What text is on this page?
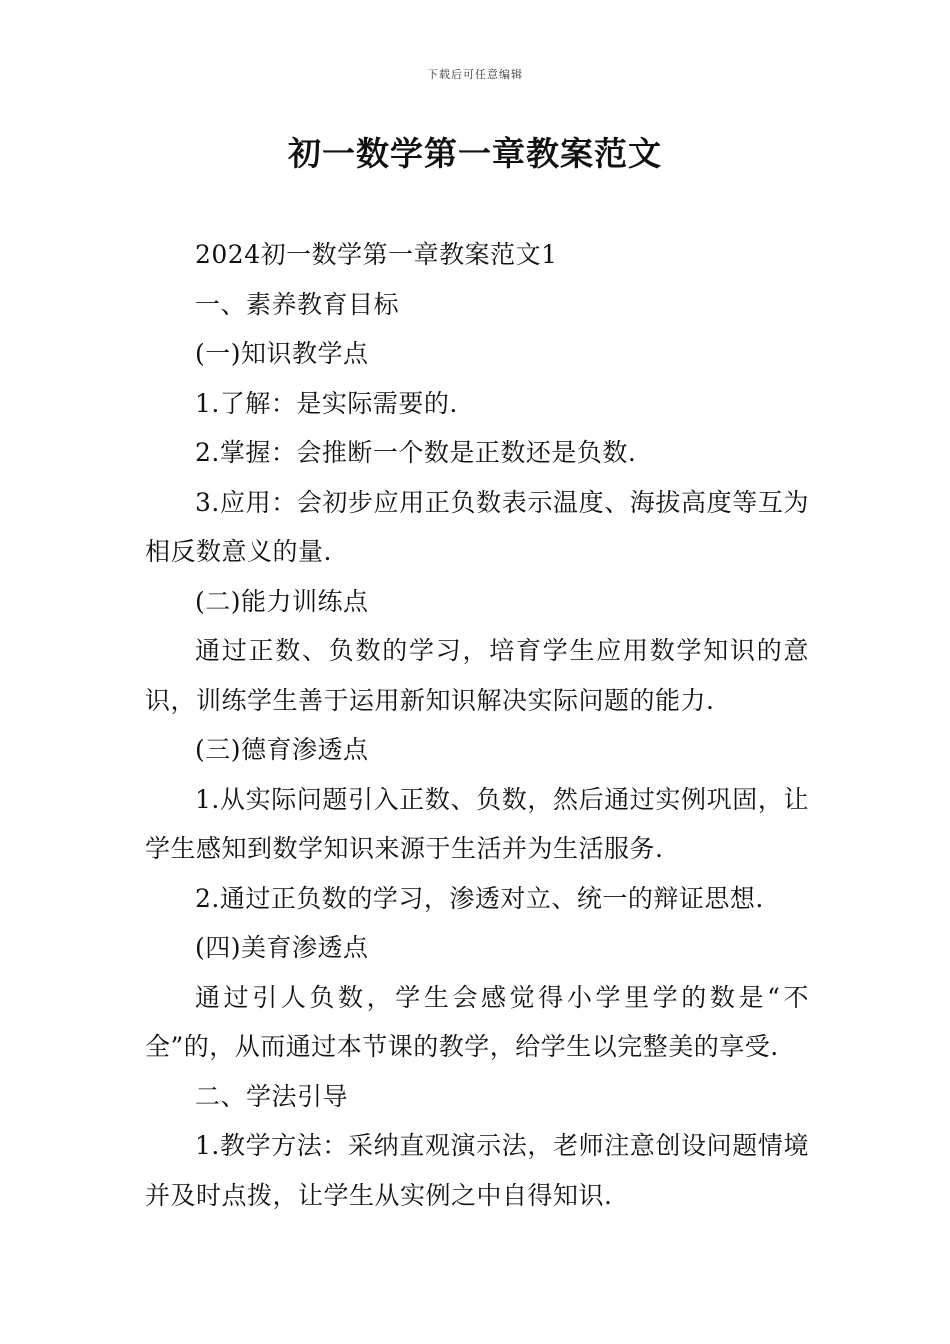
下载后可任意编辑
初一数学第一章教案范文

2024初一数学第一章教案范文1

一、素养教育目标

(一)知识教学点

1.了解：是实际需要的.

2.掌握：会推断一个数是正数还是负数.

3.应用：会初步应用正负数表示温度、海拔高度等互为相反数意义的量.

(二)能力训练点

通过正数、负数的学习，培育学生应用数学知识的意识，训练学生善于运用新知识解决实际问题的能力.

(三)德育渗透点

1.从实际问题引入正数、负数，然后通过实例巩固，让学生感知到数学知识来源于生活并为生活服务.

2.通过正负数的学习，渗透对立、统一的辩证思想.

(四)美育渗透点

通过引人负数，学生会感觉得小学里学的数是“不全”的，从而通过本节课的教学，给学生以完整美的享受.

二、学法引导

1.教学方法：采纳直观演示法，老师注意创设问题情境并及时点拨，让学生从实例之中自得知识.
